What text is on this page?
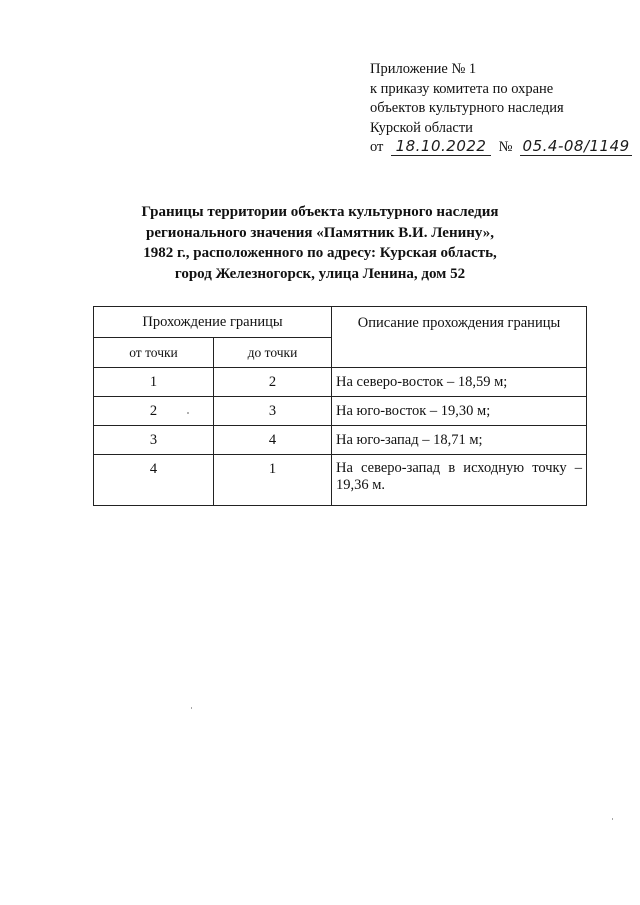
Приложение № 1
к приказу комитета по охране
объектов культурного наследия
Курской области
от 18.10.2022 № 05.4-08/1149
Границы территории объекта культурного наследия
регионального значения «Памятник В.И. Ленину»,
1982 г., расположенного по адресу: Курская область,
город Железногорск, улица Ленина, дом 52
Прохождение границы		Описание прохождения границы
от точки	до точки	
1	2	На северо-восток – 18,59 м;
2	3	На юго-восток – 19,30 м;
3	4	На юго-запад – 18,71 м;
4	1	На северо-запад в исходную точку – 19,36 м.
